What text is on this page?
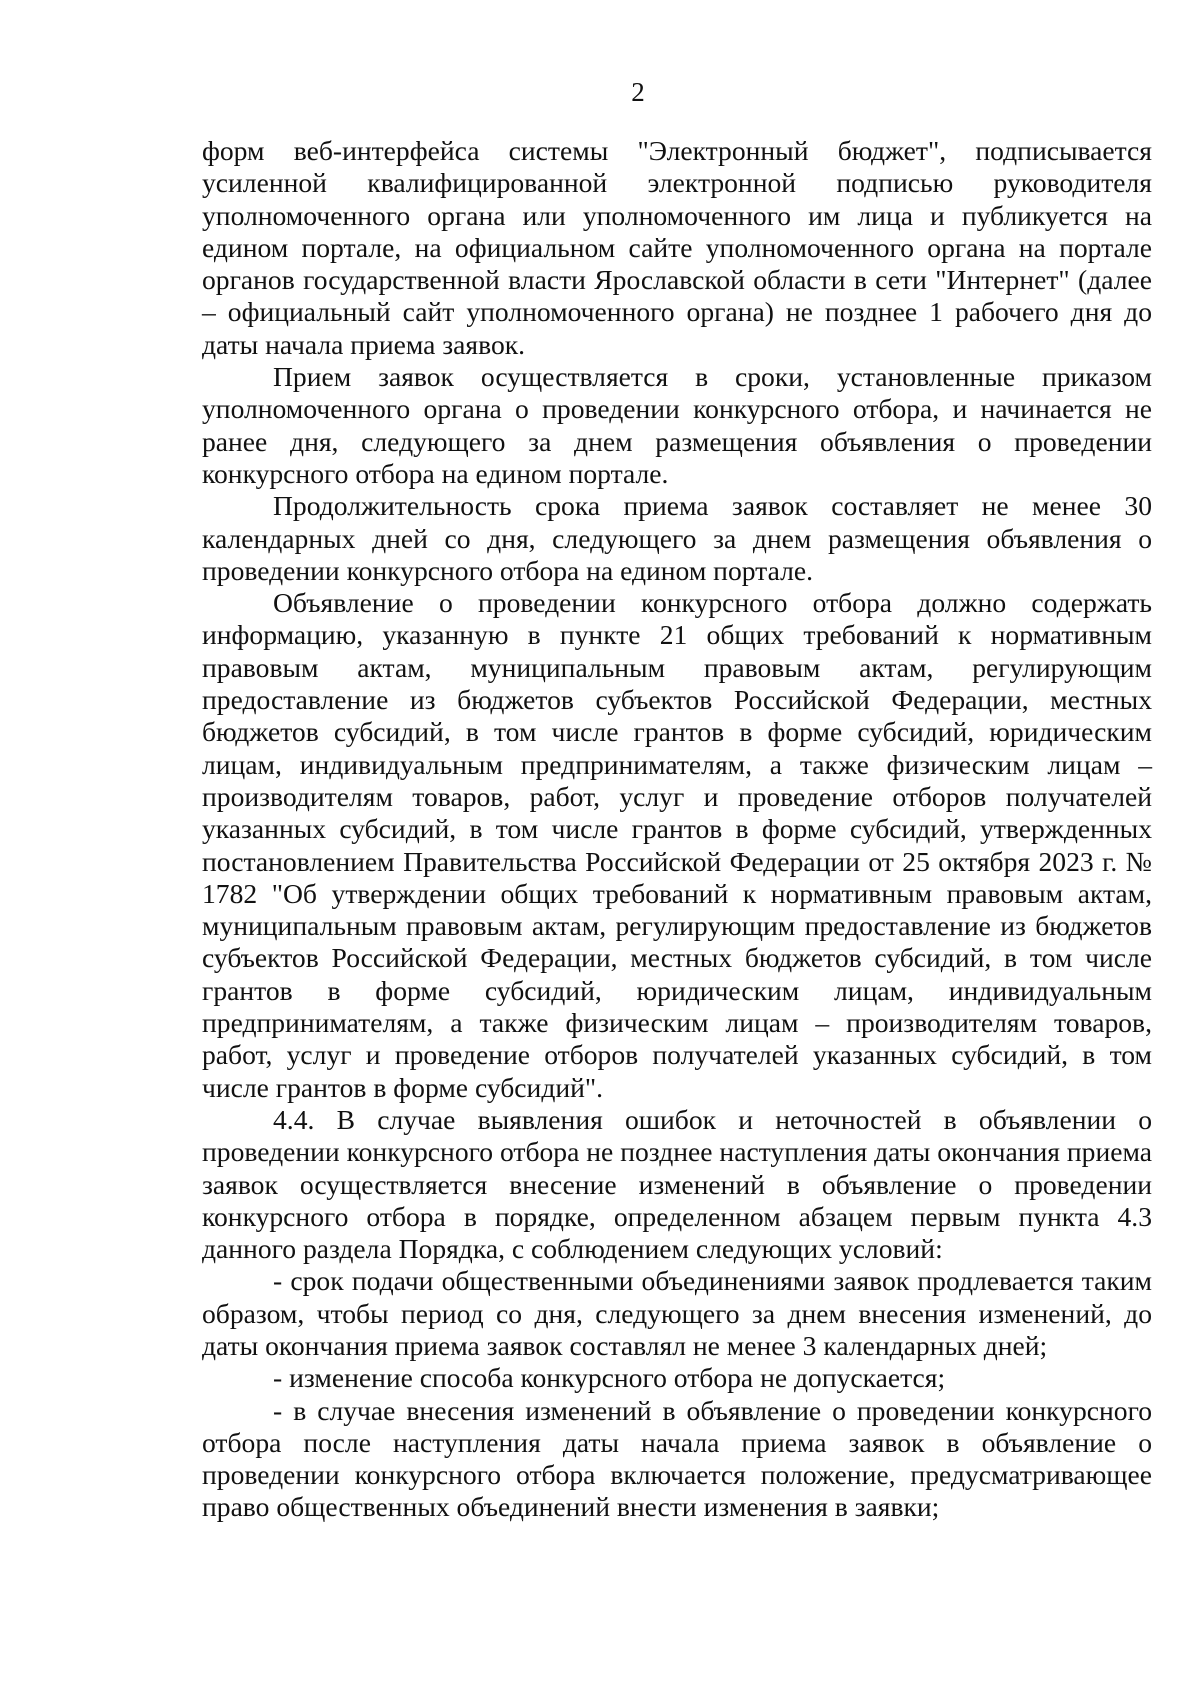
2

форм веб-интерфейса системы "Электронный бюджет", подписывается усиленной квалифицированной электронной подписью руководителя уполномоченного органа или уполномоченного им лица и публикуется на едином портале, на официальном сайте уполномоченного органа на портале органов государственной власти Ярославской области в сети "Интернет" (далее – официальный сайт уполномоченного органа) не позднее 1 рабочего дня до даты начала приема заявок.

Прием заявок осуществляется в сроки, установленные приказом уполномоченного органа о проведении конкурсного отбора, и начинается не ранее дня, следующего за днем размещения объявления о проведении конкурсного отбора на едином портале.

Продолжительность срока приема заявок составляет не менее 30 календарных дней со дня, следующего за днем размещения объявления о проведении конкурсного отбора на едином портале.

Объявление о проведении конкурсного отбора должно содержать информацию, указанную в пункте 21 общих требований к нормативным правовым актам, муниципальным правовым актам, регулирующим предоставление из бюджетов субъектов Российской Федерации, местных бюджетов субсидий, в том числе грантов в форме субсидий, юридическим лицам, индивидуальным предпринимателям, а также физическим лицам – производителям товаров, работ, услуг и проведение отборов получателей указанных субсидий, в том числе грантов в форме субсидий, утвержденных постановлением Правительства Российской Федерации от 25 октября 2023 г. № 1782 "Об утверждении общих требований к нормативным правовым актам, муниципальным правовым актам, регулирующим предоставление из бюджетов субъектов Российской Федерации, местных бюджетов субсидий, в том числе грантов в форме субсидий, юридическим лицам, индивидуальным предпринимателям, а также физическим лицам – производителям товаров, работ, услуг и проведение отборов получателей указанных субсидий, в том числе грантов в форме субсидий".

4.4. В случае выявления ошибок и неточностей в объявлении о проведении конкурсного отбора не позднее наступления даты окончания приема заявок осуществляется внесение изменений в объявление о проведении конкурсного отбора в порядке, определенном абзацем первым пункта 4.3 данного раздела Порядка, с соблюдением следующих условий:

- срок подачи общественными объединениями заявок продлевается таким образом, чтобы период со дня, следующего за днем внесения изменений, до даты окончания приема заявок составлял не менее 3 календарных дней;

- изменение способа конкурсного отбора не допускается;

- в случае внесения изменений в объявление о проведении конкурсного отбора после наступления даты начала приема заявок в объявление о проведении конкурсного отбора включается положение, предусматривающее право общественных объединений внести изменения в заявки;
